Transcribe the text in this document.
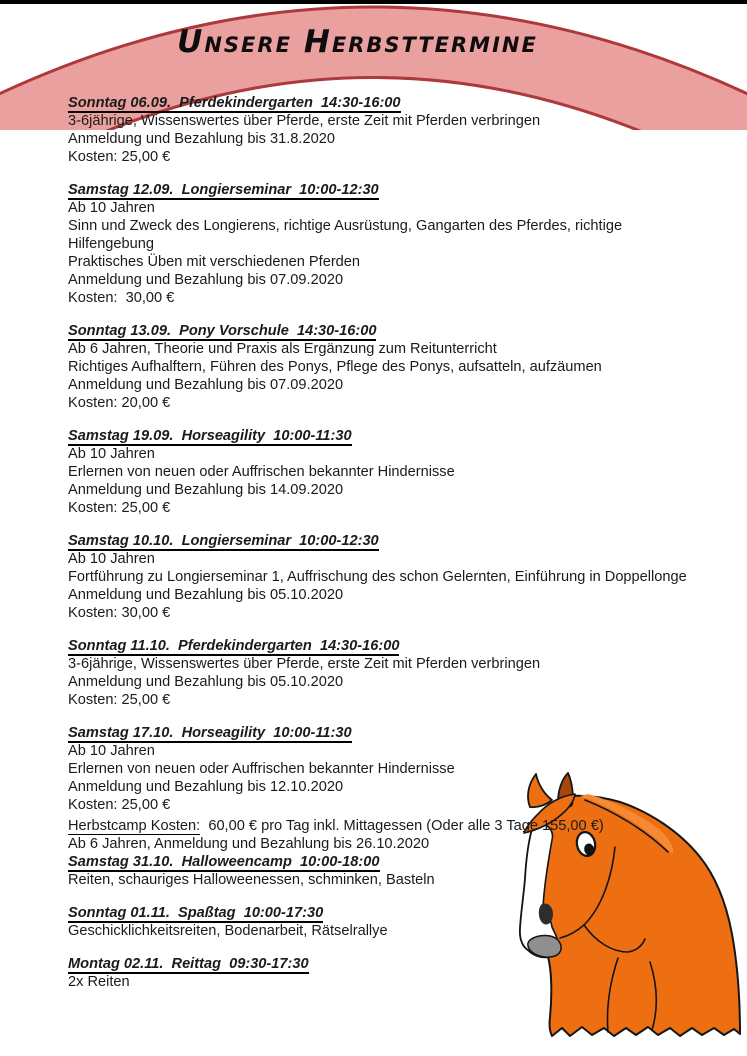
UNSERE HERBSTTERMINE
Sonntag 06.09.  Pferdekindergarten  14:30-16:00

3-6jährige, Wissenswertes über Pferde, erste Zeit mit Pferden verbringen

Anmeldung und Bezahlung bis 31.8.2020

Kosten: 25,00 €

Samstag 12.09.  Longierseminar  10:00-12:30

Ab 10 Jahren

Sinn und Zweck des Longierens, richtige Ausrüstung, Gangarten des Pferdes, richtige Hilfengebung

Praktisches Üben mit verschiedenen Pferden

Anmeldung und Bezahlung bis 07.09.2020

Kosten:  30,00 €

Sonntag 13.09.  Pony Vorschule  14:30-16:00

Ab 6 Jahren, Theorie und Praxis als Ergänzung zum Reitunterricht

Richtiges Aufhalftern, Führen des Ponys, Pflege des Ponys, aufsatteln, aufzäumen

Anmeldung und Bezahlung bis 07.09.2020

Kosten: 20,00 €

Samstag 19.09.  Horseagility  10:00-11:30

Ab 10 Jahren

Erlernen von neuen oder Auffrischen bekannter Hindernisse

Anmeldung und Bezahlung bis 14.09.2020

Kosten: 25,00 €

Samstag 10.10.  Longierseminar  10:00-12:30

Ab 10 Jahren

Fortführung zu Longierseminar 1, Auffrischung des schon Gelernten, Einführung in Doppellonge

Anmeldung und Bezahlung bis 05.10.2020

Kosten: 30,00 €

Sonntag 11.10.  Pferdekindergarten  14:30-16:00

3-6jährige, Wissenswertes über Pferde, erste Zeit mit Pferden verbringen

Anmeldung und Bezahlung bis 05.10.2020

Kosten: 25,00 €

Samstag 17.10.  Horseagility  10:00-11:30

Ab 10 Jahren

Erlernen von neuen oder Auffrischen bekannter Hindernisse

Anmeldung und Bezahlung bis 12.10.2020

Kosten: 25,00 €

Herbstcamp Kosten:  60,00 € pro Tag inkl. Mittagessen (Oder alle 3 Tage 155,00 €)

Ab 6 Jahren, Anmeldung und Bezahlung bis 26.10.2020

Samstag 31.10.  Halloweencamp  10:00-18:00

Reiten, schauriges Halloweenessen, schminken, Basteln

Sonntag 01.11.  Spaßtag  10:00-17:30

Geschicklichkeitsreiten, Bodenarbeit, Rätselrallye

Montag 02.11.  Reittag  09:30-17:30

2x Reiten
